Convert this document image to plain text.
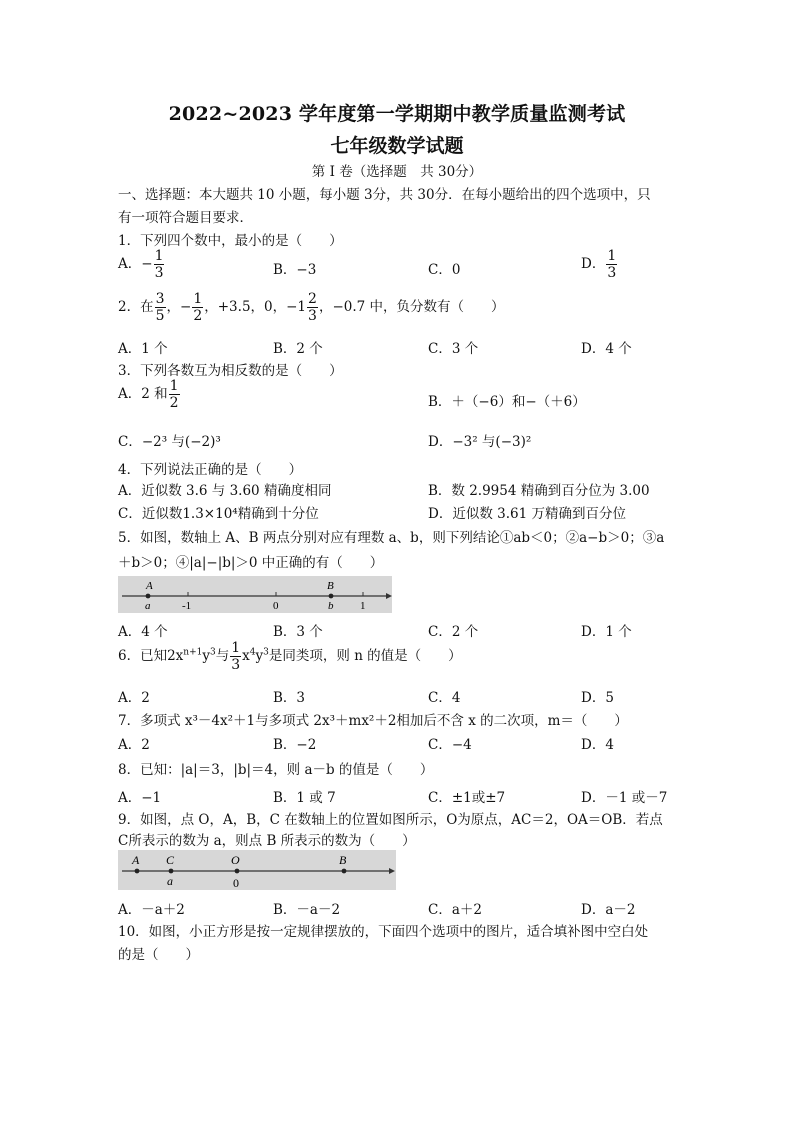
2022~2023 学年度第一学期期中教学质量监测考试
七年级数学试题
第 I 卷（选择题　共 30分）
一、选择题：本大题共 10 小题，每小题 3分，共 30分．在每小题给出的四个选项中，只
有一项符合题目要求．
1．下列四个数中，最小的是（　　）
A．− $\frac{1}{3}$	B．−3	C．0	D． $\frac{1}{3}$
2．在 $\frac{3}{5}$ ，− $\frac{1}{2}$ ，+3.5，0，$-1 \frac{2}{3}$ ，−0.7 中，负分数有（　　）
A．1 个	B．2 个	C．3 个	D．4 个
3．下列各数互为相反数的是（　　）
A．2 和 $\frac{1}{2}$	B．＋（−6）和−（＋6）
C．−2³ 与(−2)³	D．−3² 与(−3)²
4．下列说法正确的是（　　）
A．近似数 3.6 与 3.60 精确度相同	B．数 2.9954 精确到百分位为 3.00
C．近似数1.3×10⁴精确到十分位	D．近似数 3.61 万精确到百分位
5．如图，数轴上 A、B 两点分别对应有理数 a、b，则下列结论①ab＜0；②a−b＞0；③a
＋b＞0；④|a|−|b|＞0 中正确的有（　　）
A
a	-1	0
B
b 1
A．4 个	B．3 个	C．2 个	D．1 个
6．已知$2x^{n+1}y^3$与 $\frac{1}{3} x^4y^3$是同类项，则 n 的值是（　　）
A．2	B．3	C．4	D．5
7．多项式 x³－4x²＋1与多项式 2x³＋mx²＋2相加后不含 x 的二次项，m＝（　　）
A．2	B．−2	C．−4	D．4
8．已知：|a|＝3，|b|＝4，则 a－b 的值是（　　）
A．−1	B．1 或 7	C．±1或±7	D．－1 或－7
9．如图，点 O，A，B，C 在数轴上的位置如图所示，O为原点，AC＝2，OA＝OB．若点
C所表示的数为 a，则点 B 所表示的数为（　　）
A C
a
O
0
B
A．－a＋2	B．－a－2	C．a＋2	D．a－2
10．如图，小正方形是按一定规律摆放的，下面四个选项中的图片，适合填补图中空白处
的是（　　）
